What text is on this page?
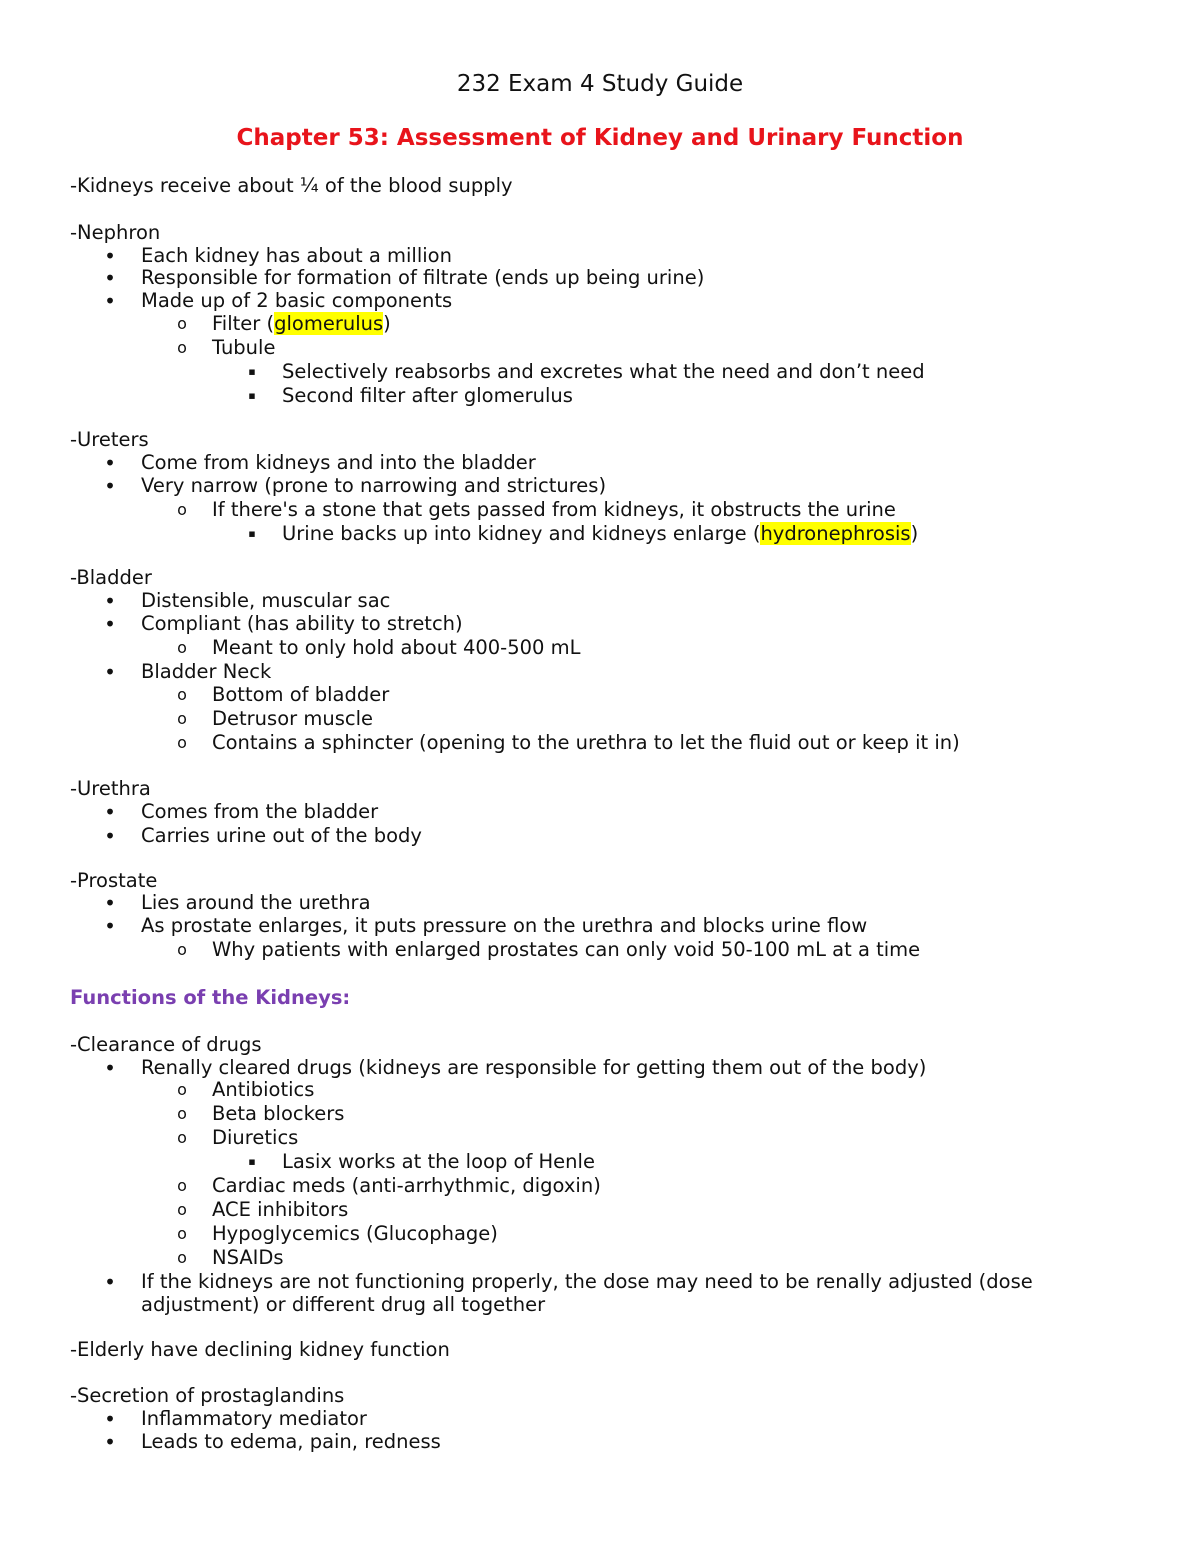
232 Exam 4 Study Guide
Chapter 53: Assessment of Kidney and Urinary Function
-Kidneys receive about ¼ of the blood supply
-Nephron
• Each kidney has about a million
• Responsible for formation of filtrate (ends up being urine)
• Made up of 2 basic components
o Filter (glomerulus)
o Tubule
▪	Selectively reabsorbs and excretes what the need and don’t need
▪	Second filter after glomerulus
-Ureters
• Come from kidneys and into the bladder
• Very narrow (prone to narrowing and strictures)
o If there's a stone that gets passed from kidneys, it obstructs the urine
▪	Urine backs up into kidney and kidneys enlarge (hydronephrosis)
-Bladder
• Distensible, muscular sac
• Compliant (has ability to stretch)
o Meant to only hold about 400-500 mL
• Bladder Neck
o Bottom of bladder
o Detrusor muscle
o Contains a sphincter (opening to the urethra to let the fluid out or keep it in)
-Urethra
• Comes from the bladder
• Carries urine out of the body
-Prostate
• Lies around the urethra
• As prostate enlarges, it puts pressure on the urethra and blocks urine flow
o Why patients with enlarged prostates can only void 50-100 mL at a time
Functions of the Kidneys:
-Clearance of drugs
• Renally cleared drugs (kidneys are responsible for getting them out of the body)
o Antibiotics
o Beta blockers
o Diuretics
▪	Lasix works at the loop of Henle
o Cardiac meds (anti-arrhythmic, digoxin)
o ACE inhibitors
o Hypoglycemics (Glucophage)
o NSAIDs
• If the kidneys are not functioning properly, the dose may need to be renally adjusted (dose
adjustment) or different drug all together
-Elderly have declining kidney function
-Secretion of prostaglandins
• Inflammatory mediator
• Leads to edema, pain, redness
